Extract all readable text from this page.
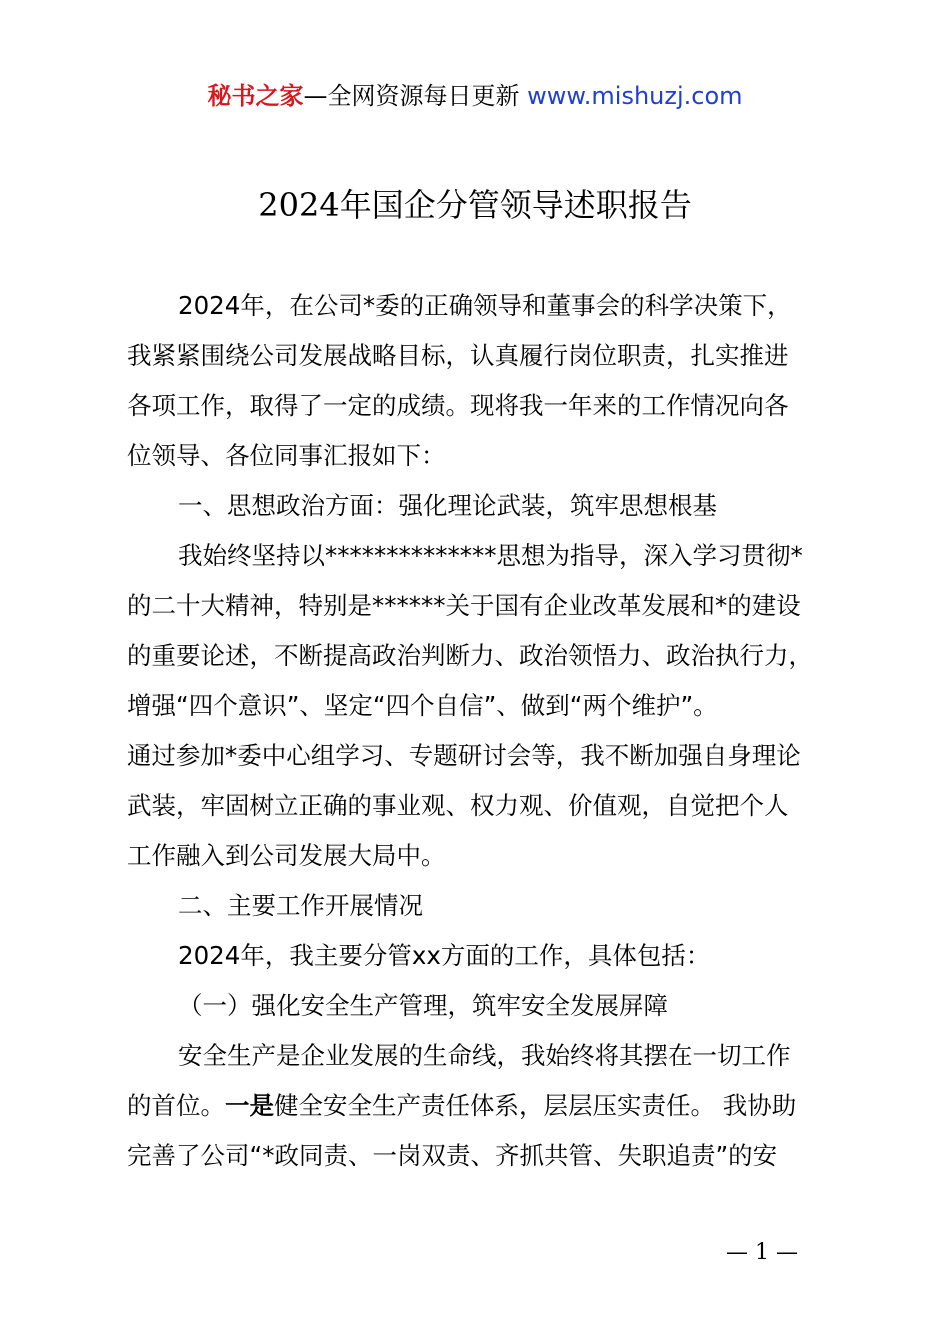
秘书之家—全网资源每日更新 www.mishuzj.com
2024年国企分管领导述职报告

2024年，在公司*委的正确领导和董事会的科学决策下，

我紧紧围绕公司发展战略目标，认真履行岗位职责，扎实推进

各项工作，取得了一定的成绩。现将我一年来的工作情况向各

位领导、各位同事汇报如下：

一、思想政治方面：强化理论武装，筑牢思想根基

我始终坚持以**************思想为指导，深入学习贯彻*

的二十大精神，特别是******关于国有企业改革发展和*的建设

的重要论述，不断提高政治判断力、政治领悟力、政治执行力，

增强“四个意识”、坚定“四个自信”、做到“两个维护”。

通过参加*委中心组学习、专题研讨会等，我不断加强自身理论

武装，牢固树立正确的事业观、权力观、价值观，自觉把个人

工作融入到公司发展大局中。

二、主要工作开展情况

2024年，我主要分管xx方面的工作，具体包括：

（一）强化安全生产管理，筑牢安全发展屏障

安全生产是企业发展的生命线，我始终将其摆在一切工作

的首位。一是健全安全生产责任体系，层层压实责任。 我协助

完善了公司“*政同责、一岗双责、齐抓共管、失职追责”的安

— 1 —
